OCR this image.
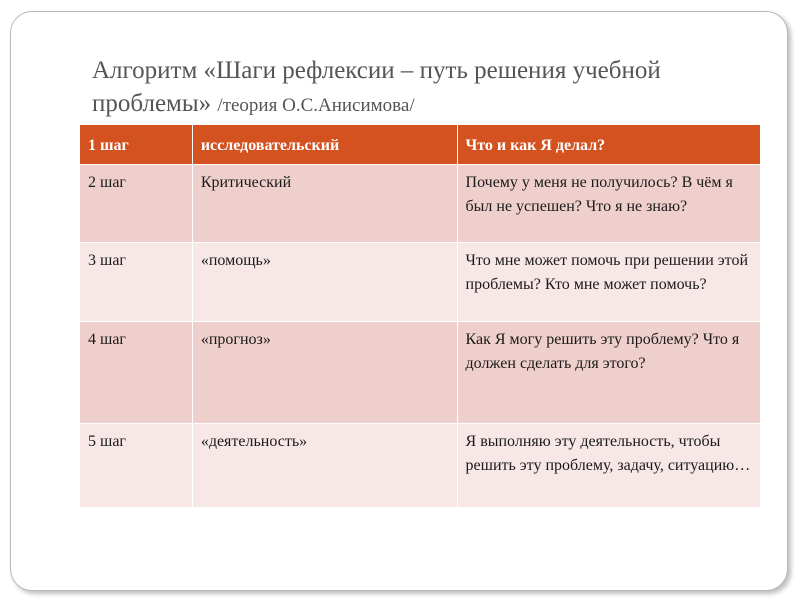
Алгоритм «Шаги рефлексии – путь решения учебной проблемы» /теория О.С.Анисимова/
1 шаг	исследовательский	Что и как Я делал?
2 шаг	Критический	Почему у меня не получилось? В чём я был не успешен? Что я не знаю?
3 шаг	«помощь»	Что мне может помочь при решении этой проблемы? Кто мне может помочь?
4 шаг	«прогноз»	Как Я могу решить эту проблему? Что я должен сделать для этого?
5 шаг	«деятельность»	Я выполняю эту деятельность, чтобы решить эту проблему, задачу, ситуацию…
